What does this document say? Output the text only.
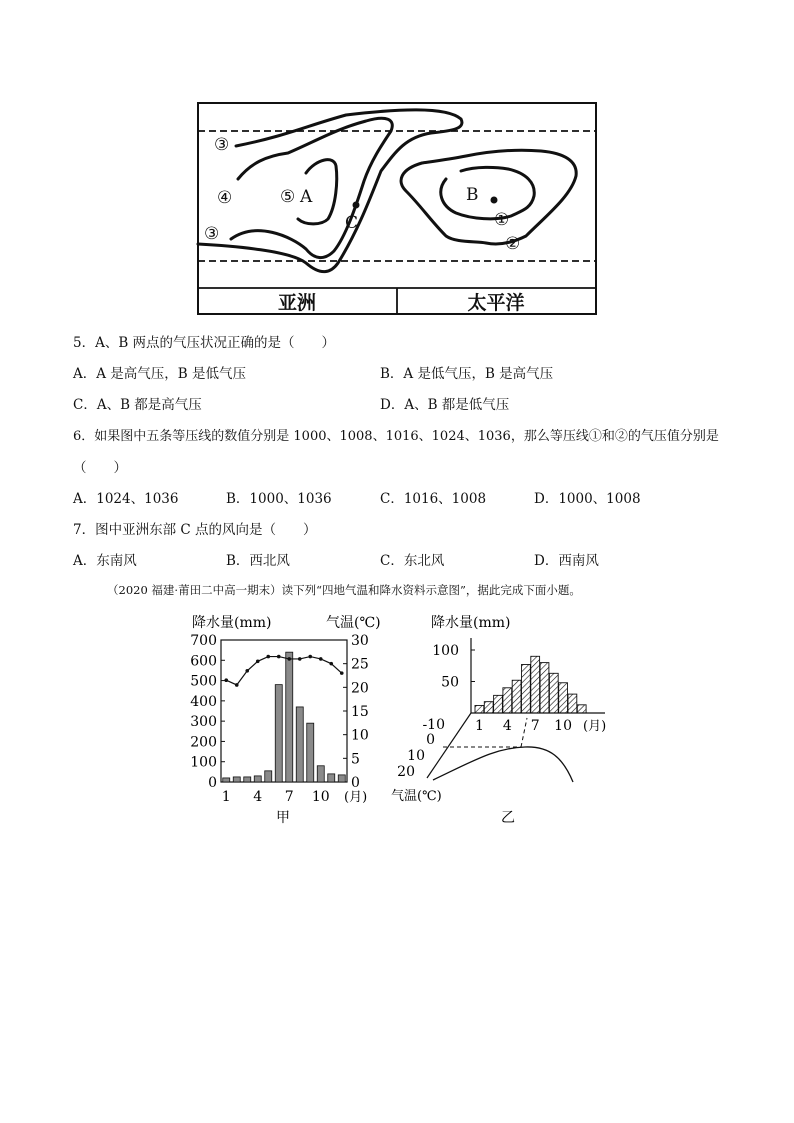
③
④	⑤ A
③
C
B
①
②
亚洲	太平洋
5．A、B 两点的气压状况正确的是（　　）
A．A 是高气压，B 是低气压	B．A 是低气压，B 是高气压
C．A、B 都是高气压	D．A、B 都是低气压
6．如果图中五条等压线的数值分别是 1000、1008、1016、1024、1036，那么等压线①和②的气压值分别是
（　　）
A．1024、1036	B．1000、1036	C．1016、1008	D．1000、1008
7．图中亚洲东部 C 点的风向是（　　）
A．东南风	B．西北风	C．东北风	D．西南风
（2020 福建·莆田二中高一期末）读下列“四地气温和降水资料示意图”，据此完成下面小题。
降水量(mm)	气温(℃)
0
100
200
300
400
500
600
700
0
5
10
15
20
25
30
1 4 7 10 (月)
甲
降水量(mm)
50
100
1 4 7 10
-10
0
10
20
(月)
气温(℃)
乙
